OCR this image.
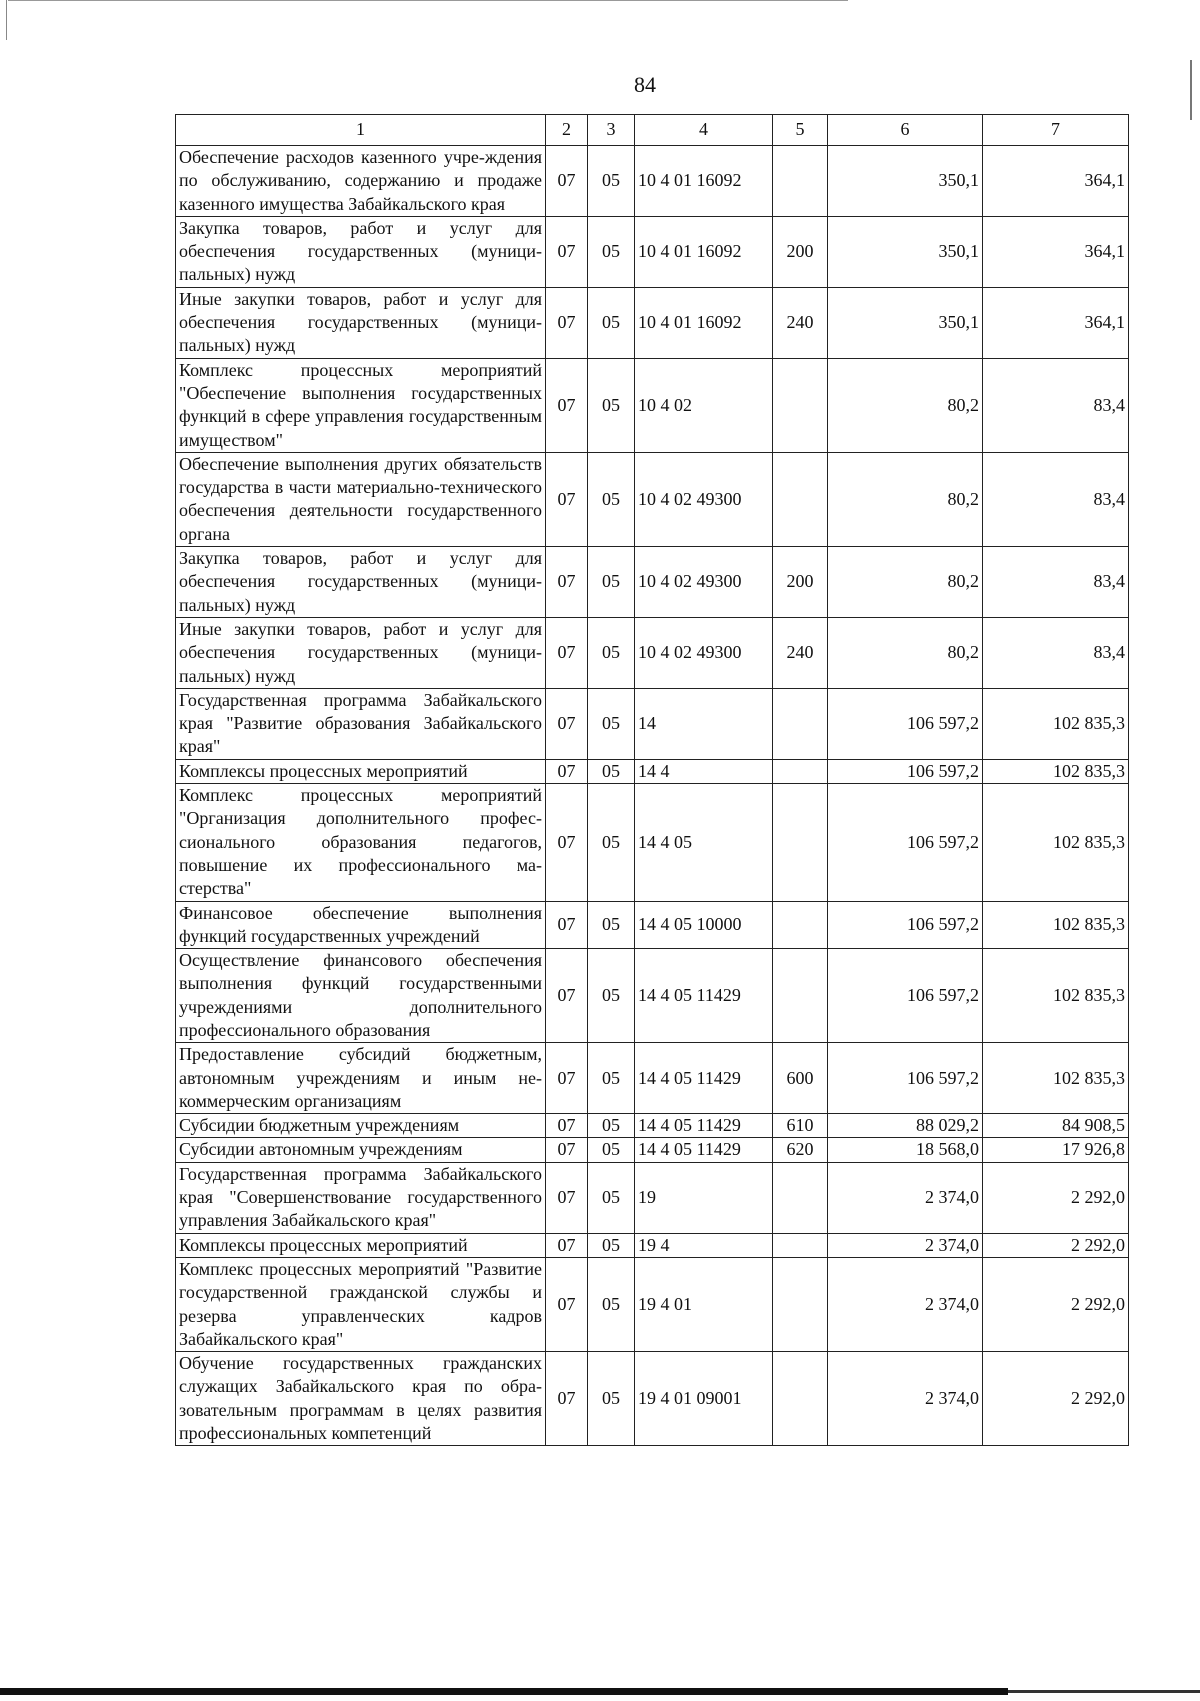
84
1	2	3	4	5	6	7
Обеспечение расходов казенного учре-ждения по обслуживанию, содержанию и продаже казенного имущества Забайкальского края	07	05	10 4 01 16092		350,1	364,1
Закупка товаров, работ и услуг для обеспечения государственных (муниципальных) нужд	07	05	10 4 01 16092	200	350,1	364,1
Иные закупки товаров, работ и услуг для обеспечения государственных (муниципальных) нужд	07	05	10 4 01 16092	240	350,1	364,1
Комплекс процессных мероприятий "Обеспечение выполнения государственных функций в сфере управления государственным имуществом"	07	05	10 4 02		80,2	83,4
Обеспечение выполнения других обязательств государства в части материально-технического обеспечения деятельности государственного органа	07	05	10 4 02 49300		80,2	83,4
Закупка товаров, работ и услуг для обеспечения государственных (муниципальных) нужд	07	05	10 4 02 49300	200	80,2	83,4
Иные закупки товаров, работ и услуг для обеспечения государственных (муниципальных) нужд	07	05	10 4 02 49300	240	80,2	83,4
Государственная программа Забайкальского края "Развитие образования Забайкальского края"	07	05	14		106 597,2	102 835,3
Комплексы процессных мероприятий	07	05	14 4		106 597,2	102 835,3
Комплекс процессных мероприятий "Организация дополнительного профессионального образования педагогов, повышение их профессионального мастерства"	07	05	14 4 05		106 597,2	102 835,3
Финансовое обеспечение выполнения функций государственных учреждений	07	05	14 4 05 10000		106 597,2	102 835,3
Осуществление финансового обеспечения выполнения функций государственными учреждениями дополнительного профессионального образования	07	05	14 4 05 11429		106 597,2	102 835,3
Предоставление субсидий бюджетным, автономным учреждениям и иным некоммерческим организациям	07	05	14 4 05 11429	600	106 597,2	102 835,3
Субсидии бюджетным учреждениям	07	05	14 4 05 11429	610	88 029,2	84 908,5
Субсидии автономным учреждениям	07	05	14 4 05 11429	620	18 568,0	17 926,8
Государственная программа Забайкальского края "Совершенствование государственного управления Забайкальского края"	07	05	19		2 374,0	2 292,0
Комплексы процессных мероприятий	07	05	19 4		2 374,0	2 292,0
Комплекс процессных мероприятий "Развитие государственной гражданской службы и резерва управленческих кадров Забайкальского края"	07	05	19 4 01		2 374,0	2 292,0
Обучение государственных гражданских служащих Забайкальского края по образовательным программам в целях развития профессиональных компетенций	07	05	19 4 01 09001		2 374,0	2 292,0
